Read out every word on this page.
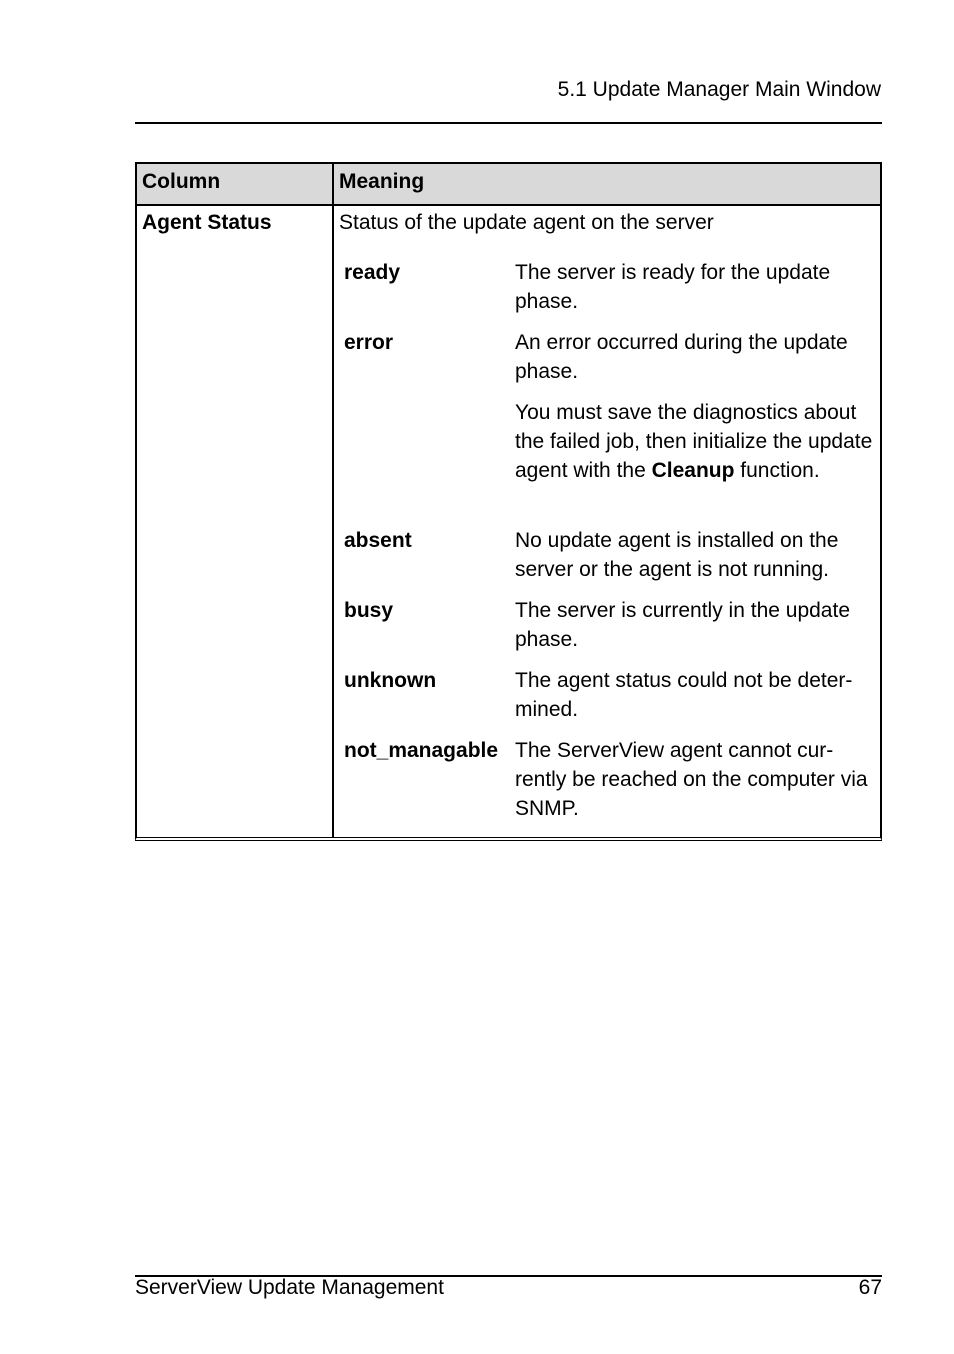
5.1 Update Manager Main Window
Column	Meaning
Agent Status	Status of the update agent on the server
ready	The server is ready for the update phase.

error	An error occurred during the update phase.

You must save the diagnostics about the failed job, then initialize the update agent with the Cleanup function.

absent	No update agent is installed on the server or the agent is not running.

busy	The server is currently in the update phase.

unknown	The agent status could not be deter-mined.

not_managable The ServerView agent cannot cur-rently be reached on the computer via SNMP.

ServerView Update Management	67
